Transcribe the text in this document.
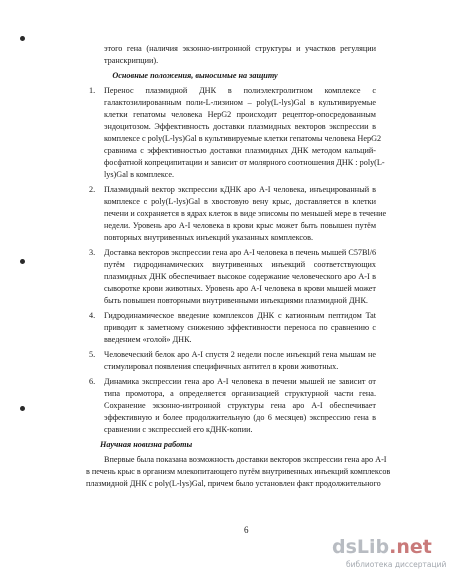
этого гена (наличия экзонно-интронной структуры и участков регуляции
транскрипции).
Основные положения, выносимые на защиту
1. Перенос плазмидной ДНК в полиэлектролитном комплексе с
галактозилированным поли-L-лизином – poly(L-lys)Gal в культивируемые
клетки гепатомы человека HepG2 происходит рецептор-опосредованным
эндоцитозом. Эффективность доставки плазмидных векторов экспрессии в
комплексе с poly(L-lys)Gal в культивируемые клетки гепатомы человека HepG2
сравнима с эффективностью доставки плазмидных ДНК методом кальций-
фосфатной копреципитации и зависит от молярного соотношения ДНК : poly(L-
lys)Gal в комплексе.
2. Плазмидный вектор экспрессии кДНК аро A-I человека, инъецированный в
комплексе с poly(L-lys)Gal в хвостовую вену крыс, доставляется в клетки
печени и сохраняется в ядрах клеток в виде эписомы по меньшей мере в течение
недели. Уровень аро A-I человека в крови крыс может быть повышен путём
повторных внутривенных инъекций указанных комплексов.
3. Доставка векторов экспрессии гена аро A-I человека в печень мышей C57Bl/6
путём гидродинамических внутривенных инъекций соответствующих
плазмидных ДНК обеспечивает высокое содержание человеческого аро A-I в
сыворотке крови животных. Уровень аро A-I человека в крови мышей может
быть повышен повторными внутривенными инъекциями плазмидной ДНК.
4. Гидродинамическое введение комплексов ДНК с катионным пептидом Tat
приводит к заметному снижению эффективности переноса по сравнению с
введением «голой» ДНК.
5. Человеческий белок аро A-I спустя 2 недели после инъекций гена мышам не
стимулировал появления специфичных антител в крови животных.
6. Динамика экспрессии гена аро A-I человека в печени мышей не зависит от
типа промотора, а определяется организацией структурной части гена.
Сохранение экзонно-интронной структуры гена аро A-I обеспечивает
эффективную и более продолжительную (до 6 месяцев) экспрессию гена в
сравнении с экспрессией его кДНК-копии.
Научная новизна работы
Впервые была показана возможность доставки векторов экспрессии гена аро A-I
в печень крыс в организм млекопитающего путём внутривенных инъекций комплексов
плазмидной ДНК с poly(L-lys)Gal, причем было установлен факт продолжительного
6
dsLib.net
библиотека диссертаций
